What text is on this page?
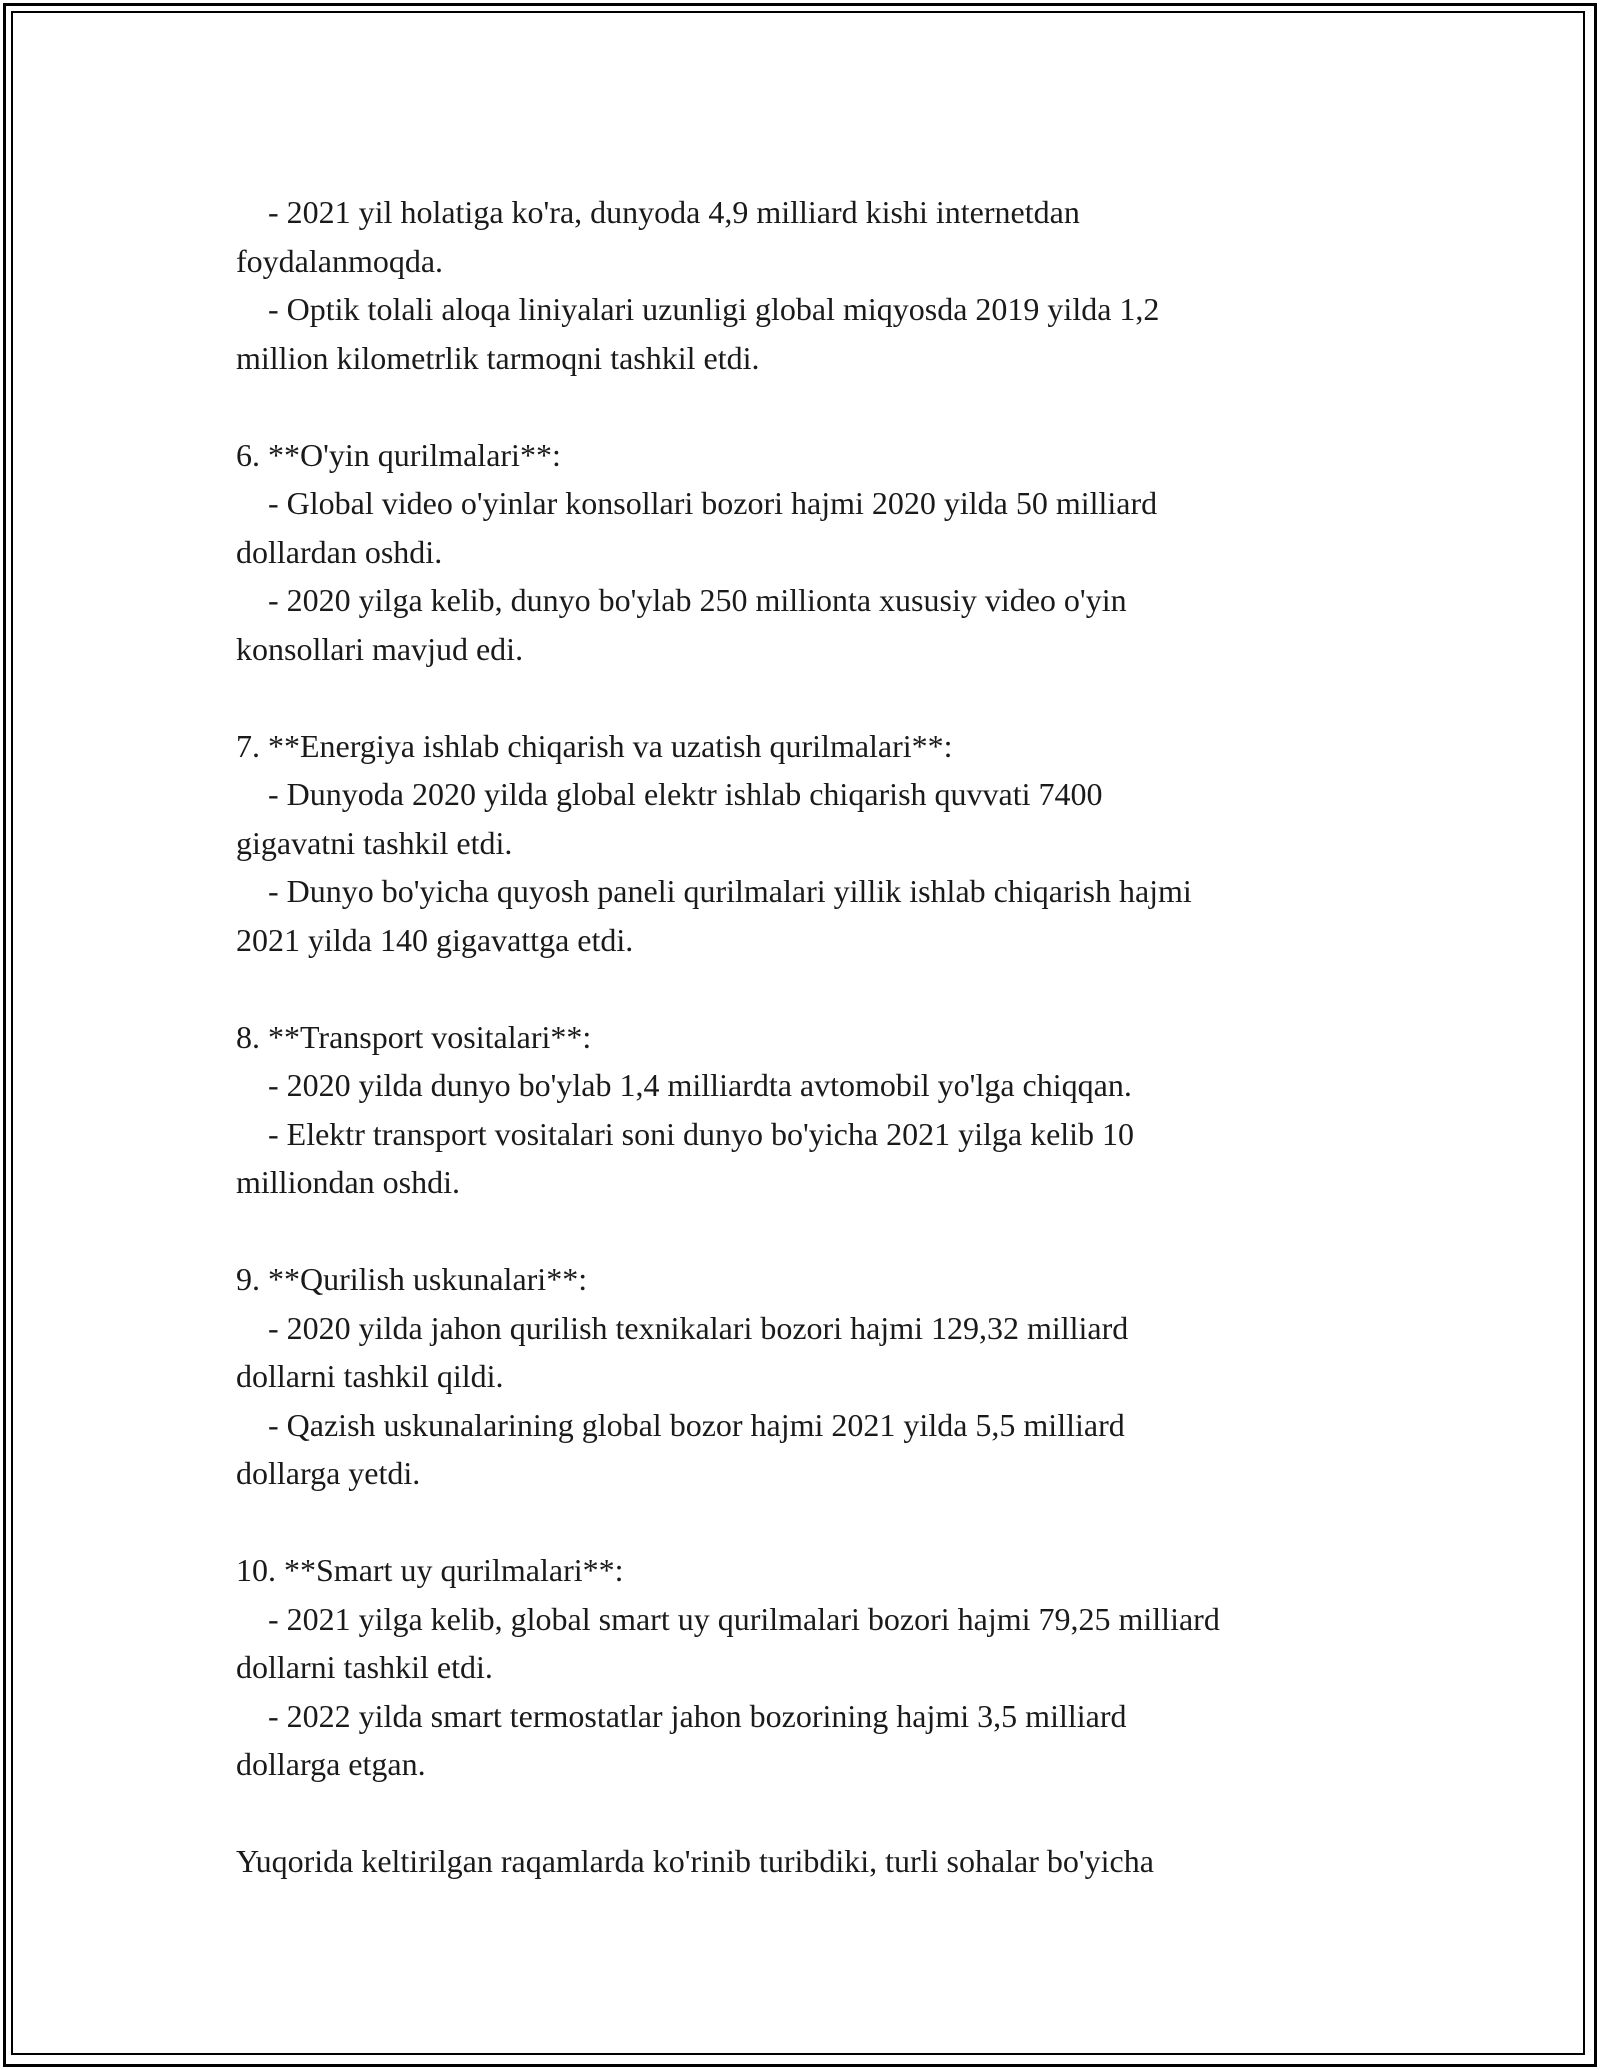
- 2021 yil holatiga ko'ra, dunyoda 4,9 milliard kishi internetdan
foydalanmoqda.
- Optik tolali aloqa liniyalari uzunligi global miqyosda 2019 yilda 1,2
million kilometrlik tarmoqni tashkil etdi.
6. **O'yin qurilmalari**:
- Global video o'yinlar konsollari bozori hajmi 2020 yilda 50 milliard
dollardan oshdi.
- 2020 yilga kelib, dunyo bo'ylab 250 millionta xususiy video o'yin
konsollari mavjud edi.
7. **Energiya ishlab chiqarish va uzatish qurilmalari**:
- Dunyoda 2020 yilda global elektr ishlab chiqarish quvvati 7400
gigavatni tashkil etdi.
- Dunyo bo'yicha quyosh paneli qurilmalari yillik ishlab chiqarish hajmi
2021 yilda 140 gigavattga etdi.
8. **Transport vositalari**:
- 2020 yilda dunyo bo'ylab 1,4 milliardta avtomobil yo'lga chiqqan.
- Elektr transport vositalari soni dunyo bo'yicha 2021 yilga kelib 10
milliondan oshdi.
9. **Qurilish uskunalari**:
- 2020 yilda jahon qurilish texnikalari bozori hajmi 129,32 milliard
dollarni tashkil qildi.
- Qazish uskunalarining global bozor hajmi 2021 yilda 5,5 milliard
dollarga yetdi.
10. **Smart uy qurilmalari**:
- 2021 yilga kelib, global smart uy qurilmalari bozori hajmi 79,25 milliard
dollarni tashkil etdi.
- 2022 yilda smart termostatlar jahon bozorining hajmi 3,5 milliard
dollarga etgan.
Yuqorida keltirilgan raqamlarda ko'rinib turibdiki, turli sohalar bo'yicha
